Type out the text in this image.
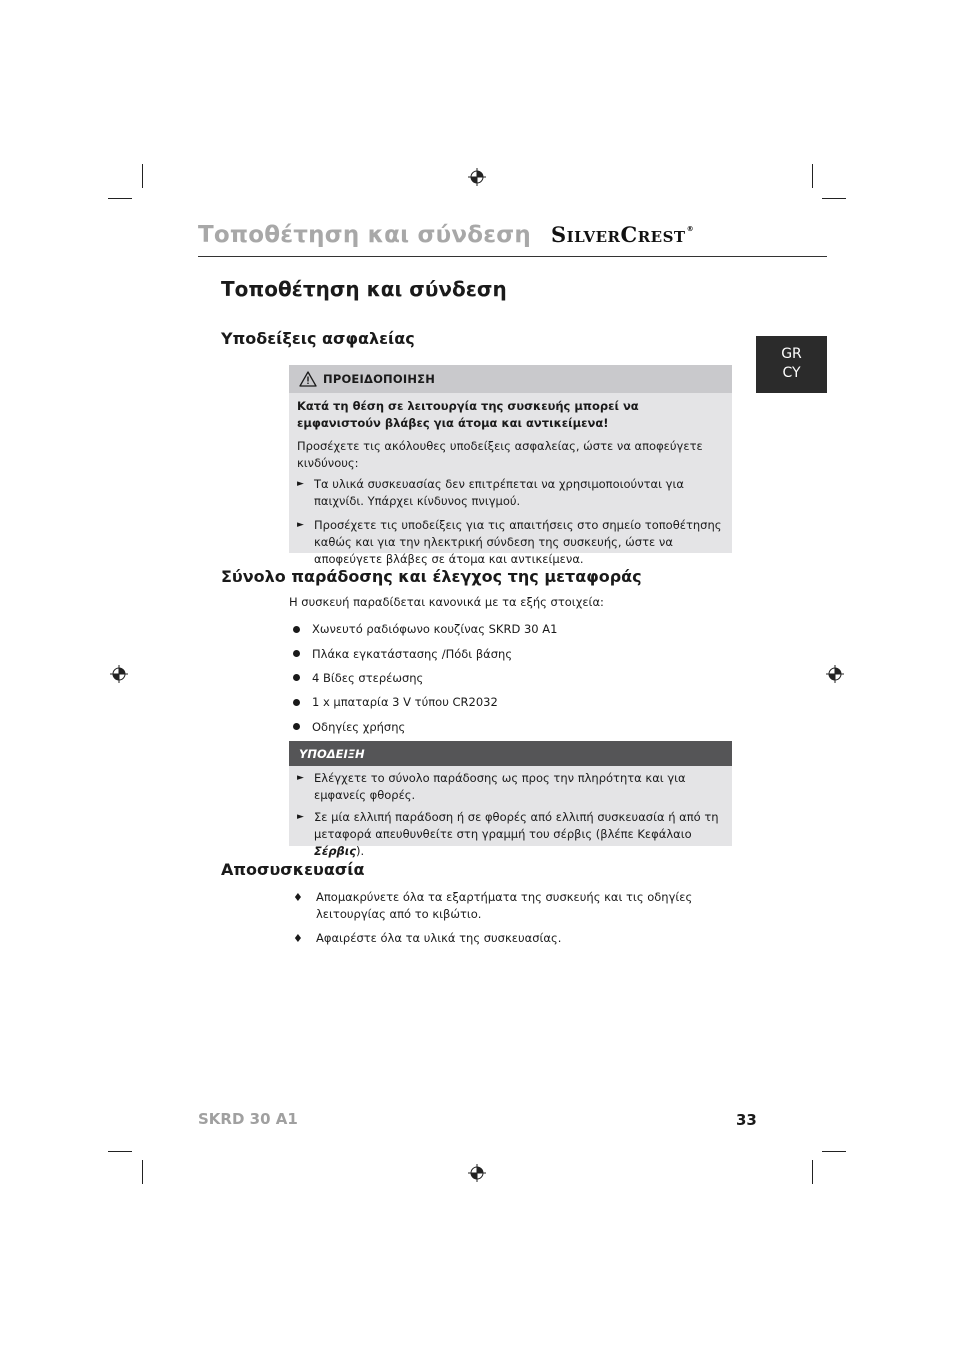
Τοποθέτηση και σύνδεση SilverCrest®
GR
CY
Τοποθέτηση και σύνδεση
Υποδείξεις ασφαλείας
ΠΡΟΕΙΔΟΠΟΙΗΣΗ
Κατά τη θέση σε λειτουργία της συσκευής μπορεί να εμφανιστούν βλάβες για άτομα και αντικείμενα!
Προσέχετε τις ακόλουθες υποδείξεις ασφαλείας, ώστε να αποφεύγετε κινδύνους:
► Τα υλικά συσκευασίας δεν επιτρέπεται να χρησιμοποιούνται για παιχνίδι. Υπάρχει κίνδυνος πνιγμού.
► Προσέχετε τις υποδείξεις για τις απαιτήσεις στο σημείο τοποθέτησης καθώς και για την ηλεκτρική σύνδεση της συσκευής, ώστε να αποφεύγετε βλάβες σε άτομα και αντικείμενα.
Σύνολο παράδοσης και έλεγχος της μεταφοράς
Η συσκευή παραδίδεται κανονικά με τα εξής στοιχεία:
Χωνευτό ραδιόφωνο κουζίνας SKRD 30 A1
Πλάκα εγκατάστασης /Πόδι βάσης
4 Βίδες στερέωσης
1 x μπαταρία 3 V τύπου CR2032
Οδηγίες χρήσης
ΥΠΟΔΕΙΞΗ
► Ελέγχετε το σύνολο παράδοσης ως προς την πληρότητα και για εμφανείς φθορές.
► Σε μία ελλιπή παράδοση ή σε φθορές από ελλιπή συσκευασία ή από τη μεταφορά απευθυνθείτε στη γραμμή του σέρβις (βλέπε Κεφάλαιο Σέρβις).
Αποσυσκευασία
♦	Απομακρύνετε όλα τα εξαρτήματα της συσκευής και τις οδηγίες λειτουργίας από το κιβώτιο.
♦	Αφαιρέστε όλα τα υλικά της συσκευασίας.
SKRD 30 A1	33
